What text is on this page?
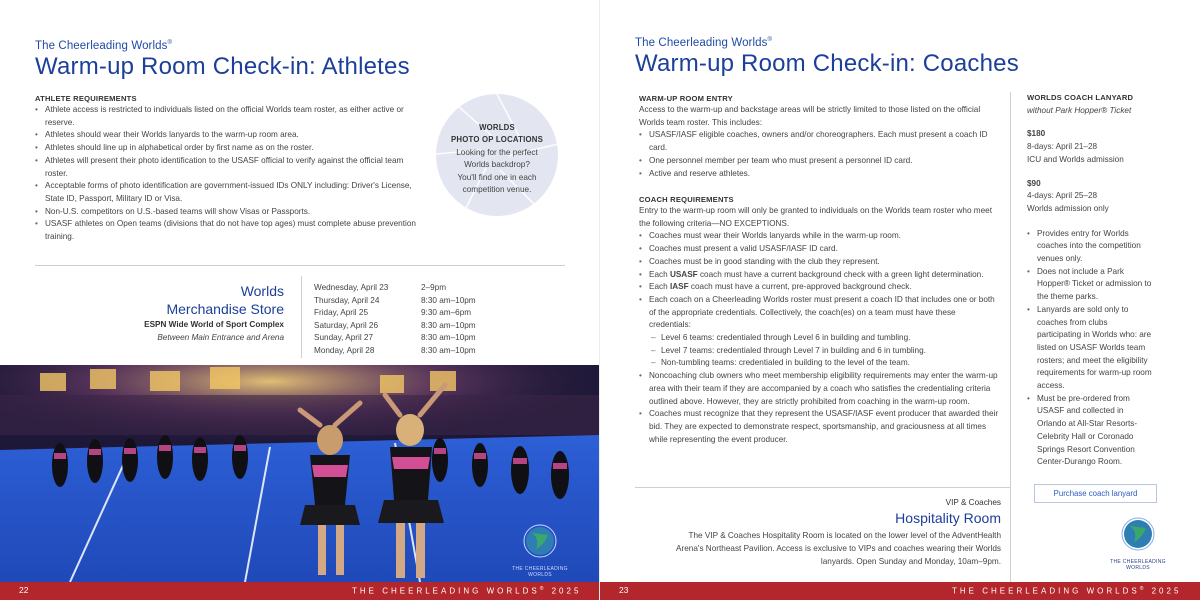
The Cheerleading Worlds®
Warm-up Room Check-in: Athletes
ATHLETE REQUIREMENTS
• Athlete access is restricted to individuals listed on the official Worlds team roster, as either active or reserve.
• Athletes should wear their Worlds lanyards to the warm-up room area.
• Athletes should line up in alphabetical order by first name as on the roster.
• Athletes will present their photo identification to the USASF official to verify against the official team roster.
• Acceptable forms of photo identification are government-issued IDs ONLY including: Driver's License, State ID, Passport, Military ID or Visa.
• Non-U.S. competitors on U.S.-based teams will show Visas or Passports.
• USASF athletes on Open teams (divisions that do not have top ages) must complete abuse prevention training.
WORLDS
PHOTO OP LOCATIONS
Looking for the perfect
Worlds backdrop?
You'll find one in each
competition venue.
Worlds
Merchandise Store
ESPN Wide World of Sport Complex
Between Main Entrance and Arena
Wednesday, April 23	2–9pm
Thursday, April 24	8:30 am–10pm
Friday, April 25	9:30 am–6pm
Saturday, April 26	8:30 am–10pm
Sunday, April 27	8:30 am–10pm
Monday, April 28	8:30 am–10pm
THE CHEERLEADING WORLDS
22	THE CHEERLEADING WORLDS® 2025
The Cheerleading Worlds®
Warm-up Room Check-in: Coaches
WARM-UP ROOM ENTRY
Access to the warm-up and backstage areas will be strictly limited to those listed on the official Worlds team roster. This includes:
• USASF/IASF eligible coaches, owners and/or choreographers. Each must present a coach ID card.
• One personnel member per team who must present a personnel ID card.
• Active and reserve athletes.
COACH REQUIREMENTS
Entry to the warm-up room will only be granted to individuals on the Worlds team roster who meet the following criteria—NO EXCEPTIONS.
• Coaches must wear their Worlds lanyards while in the warm-up room.
• Coaches must present a valid USASF/IASF ID card.
• Coaches must be in good standing with the club they represent.
• Each USASF coach must have a current background check with a green light determination.
• Each IASF coach must have a current, pre-approved background check.
• Each coach on a Cheerleading Worlds roster must present a coach ID that includes one or both of the appropriate credentials. Collectively, the coach(es) on a team must have these credentials:
– Level 6 teams: credentialed through Level 6 in building and tumbling.
– Level 7 teams: credentialed through Level 7 in building and 6 in tumbling.
– Non-tumbling teams: credentialed in building to the level of the team.
• Noncoaching club owners who meet membership eligibility requirements may enter the warm-up area with their team if they are accompanied by a coach who satisfies the credentialing criteria outlined above. However, they are strictly prohibited from coaching in the warm-up room.
• Coaches must recognize that they represent the USASF/IASF event producer that awarded their bid. They are expected to demonstrate respect, sportsmanship, and graciousness at all times while representing the event producer.
VIP & Coaches
Hospitality Room
The VIP & Coaches Hospitality Room is located on the lower level of the AdventHealth Arena's Northeast Pavilion. Access is exclusive to VIPs and coaches wearing their Worlds lanyards. Open Sunday and Monday, 10am–9pm.
23	THE CHEERLEADING WORLDS® 2025
WORLDS COACH LANYARD
without Park Hopper® Ticket
$180
8-days: April 21–28
ICU and Worlds admission
$90
4-days: April 25–28
Worlds admission only
• Provides entry for Worlds coaches into the competition venues only.
• Does not include a Park Hopper® Ticket or admission to the theme parks.
• Lanyards are sold only to coaches from clubs participating in Worlds who: are listed on USASF Worlds team rosters; and meet the eligibility requirements for warm-up room access.
• Must be pre-ordered from USASF and collected in Orlando at All-Star Resorts-Celebrity Hall or Coronado Springs Resort Convention Center-Durango Room.
Purchase coach lanyard
THE CHEERLEADING WORLDS
